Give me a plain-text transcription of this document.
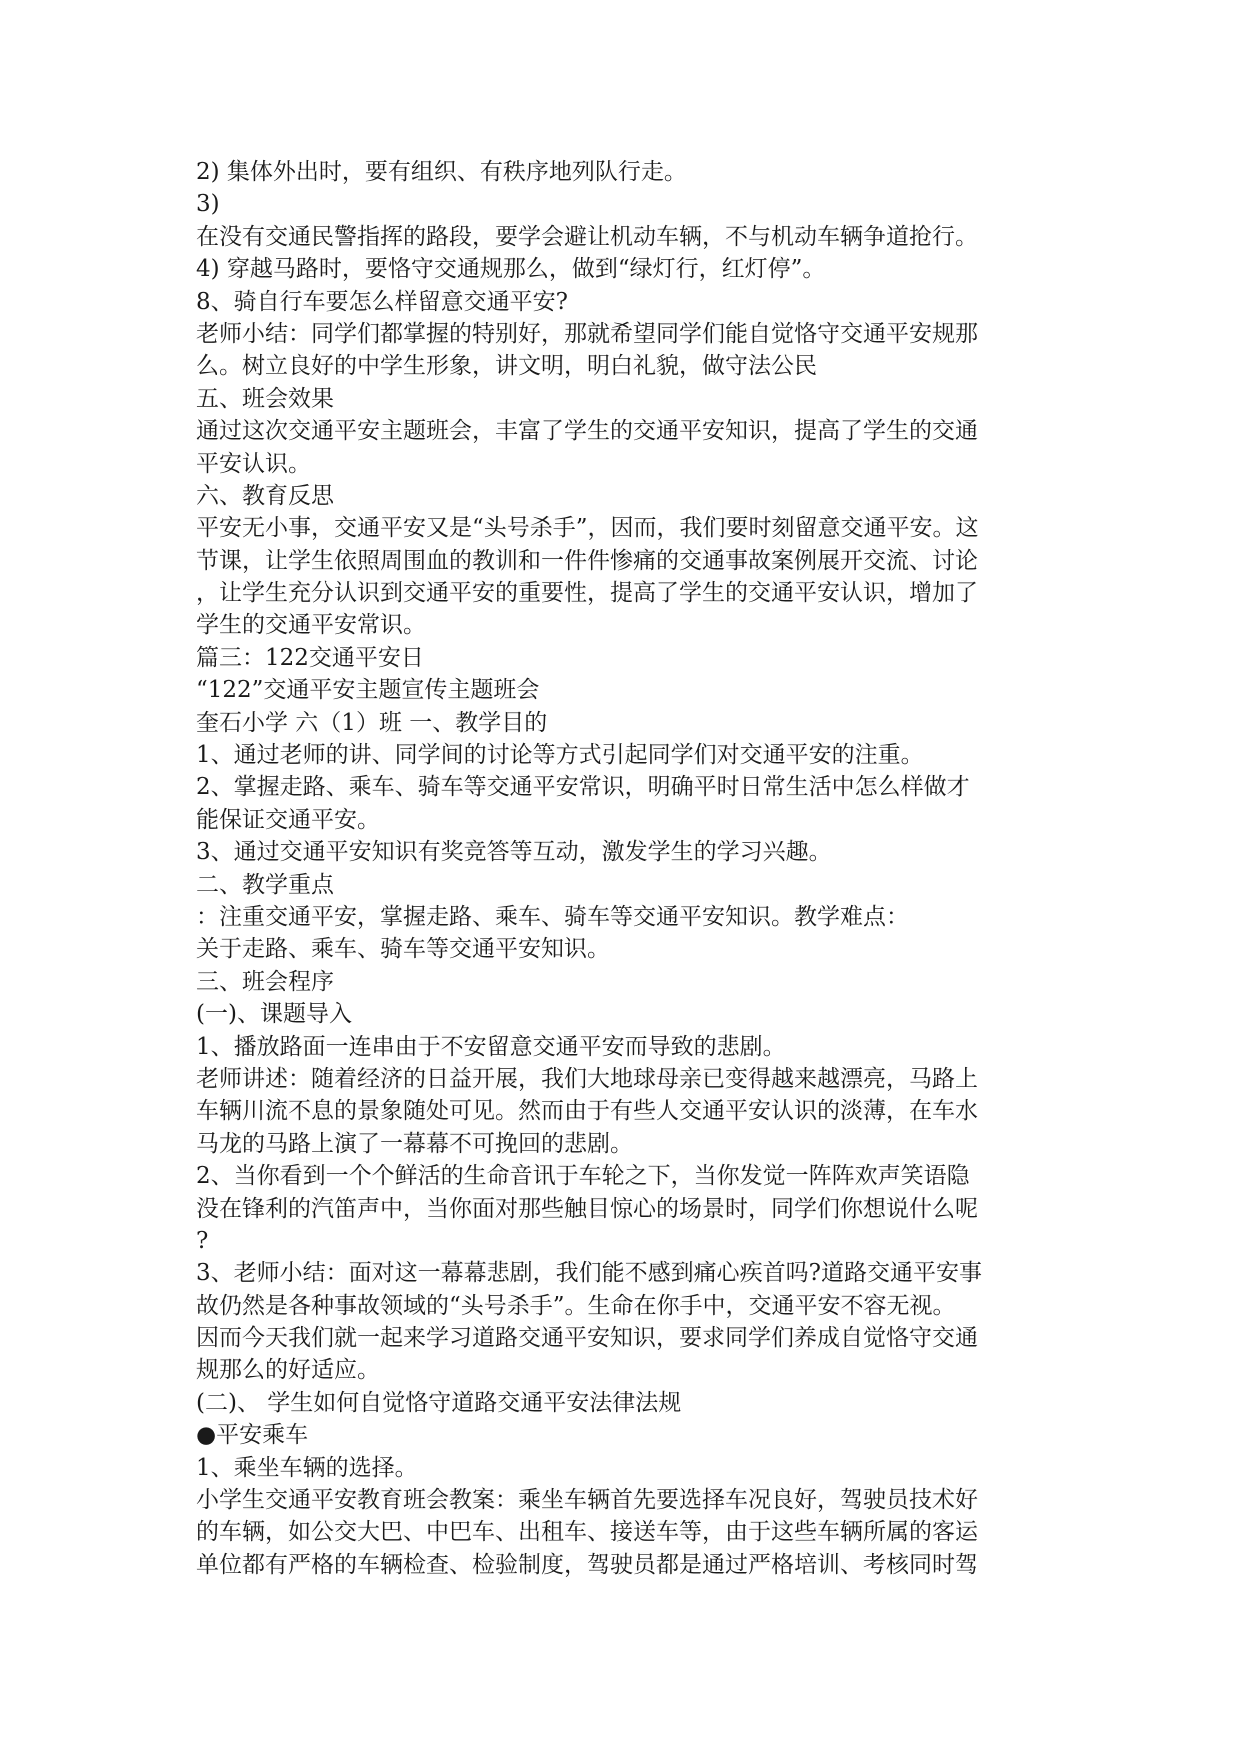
2) 集体外出时，要有组织、有秩序地列队行走。
3)
在没有交通民警指挥的路段，要学会避让机动车辆，不与机动车辆争道抢行。
4) 穿越马路时，要恪守交通规那么，做到“绿灯行，红灯停”。
8、骑自行车要怎么样留意交通平安?
老师小结：同学们都掌握的特别好，那就希望同学们能自觉恪守交通平安规那
么。树立良好的中学生形象，讲文明，明白礼貌，做守法公民
五、班会效果
通过这次交通平安主题班会，丰富了学生的交通平安知识，提高了学生的交通
平安认识。
六、教育反思
平安无小事，交通平安又是“头号杀手”，因而，我们要时刻留意交通平安。这
节课，让学生依照周围血的教训和一件件惨痛的交通事故案例展开交流、讨论
，让学生充分认识到交通平安的重要性，提高了学生的交通平安认识，增加了
学生的交通平安常识。
篇三：122交通平安日
“122”交通平安主题宣传主题班会
奎石小学 六（1）班 一、教学目的
1、通过老师的讲、同学间的讨论等方式引起同学们对交通平安的注重。
2、掌握走路、乘车、骑车等交通平安常识，明确平时日常生活中怎么样做才
能保证交通平安。
3、通过交通平安知识有奖竞答等互动，激发学生的学习兴趣。
二、教学重点
：注重交通平安，掌握走路、乘车、骑车等交通平安知识。教学难点：
关于走路、乘车、骑车等交通平安知识。
三、班会程序
(一)、课题导入
1、播放路面一连串由于不安留意交通平安而导致的悲剧。
老师讲述：随着经济的日益开展，我们大地球母亲已变得越来越漂亮，马路上
车辆川流不息的景象随处可见。然而由于有些人交通平安认识的淡薄，在车水
马龙的马路上演了一幕幕不可挽回的悲剧。
2、当你看到一个个鲜活的生命音讯于车轮之下，当你发觉一阵阵欢声笑语隐
没在锋利的汽笛声中，当你面对那些触目惊心的场景时，同学们你想说什么呢
?
3、老师小结：面对这一幕幕悲剧，我们能不感到痛心疾首吗?道路交通平安事
故仍然是各种事故领域的“头号杀手”。生命在你手中，交通平安不容无视。
因而今天我们就一起来学习道路交通平安知识，要求同学们养成自觉恪守交通
规那么的好适应。
(二)、 学生如何自觉恪守道路交通平安法律法规
●平安乘车
1、乘坐车辆的选择。
小学生交通平安教育班会教案：乘坐车辆首先要选择车况良好，驾驶员技术好
的车辆，如公交大巴、中巴车、出租车、接送车等，由于这些车辆所属的客运
单位都有严格的车辆检查、检验制度，驾驶员都是通过严格培训、考核同时驾
